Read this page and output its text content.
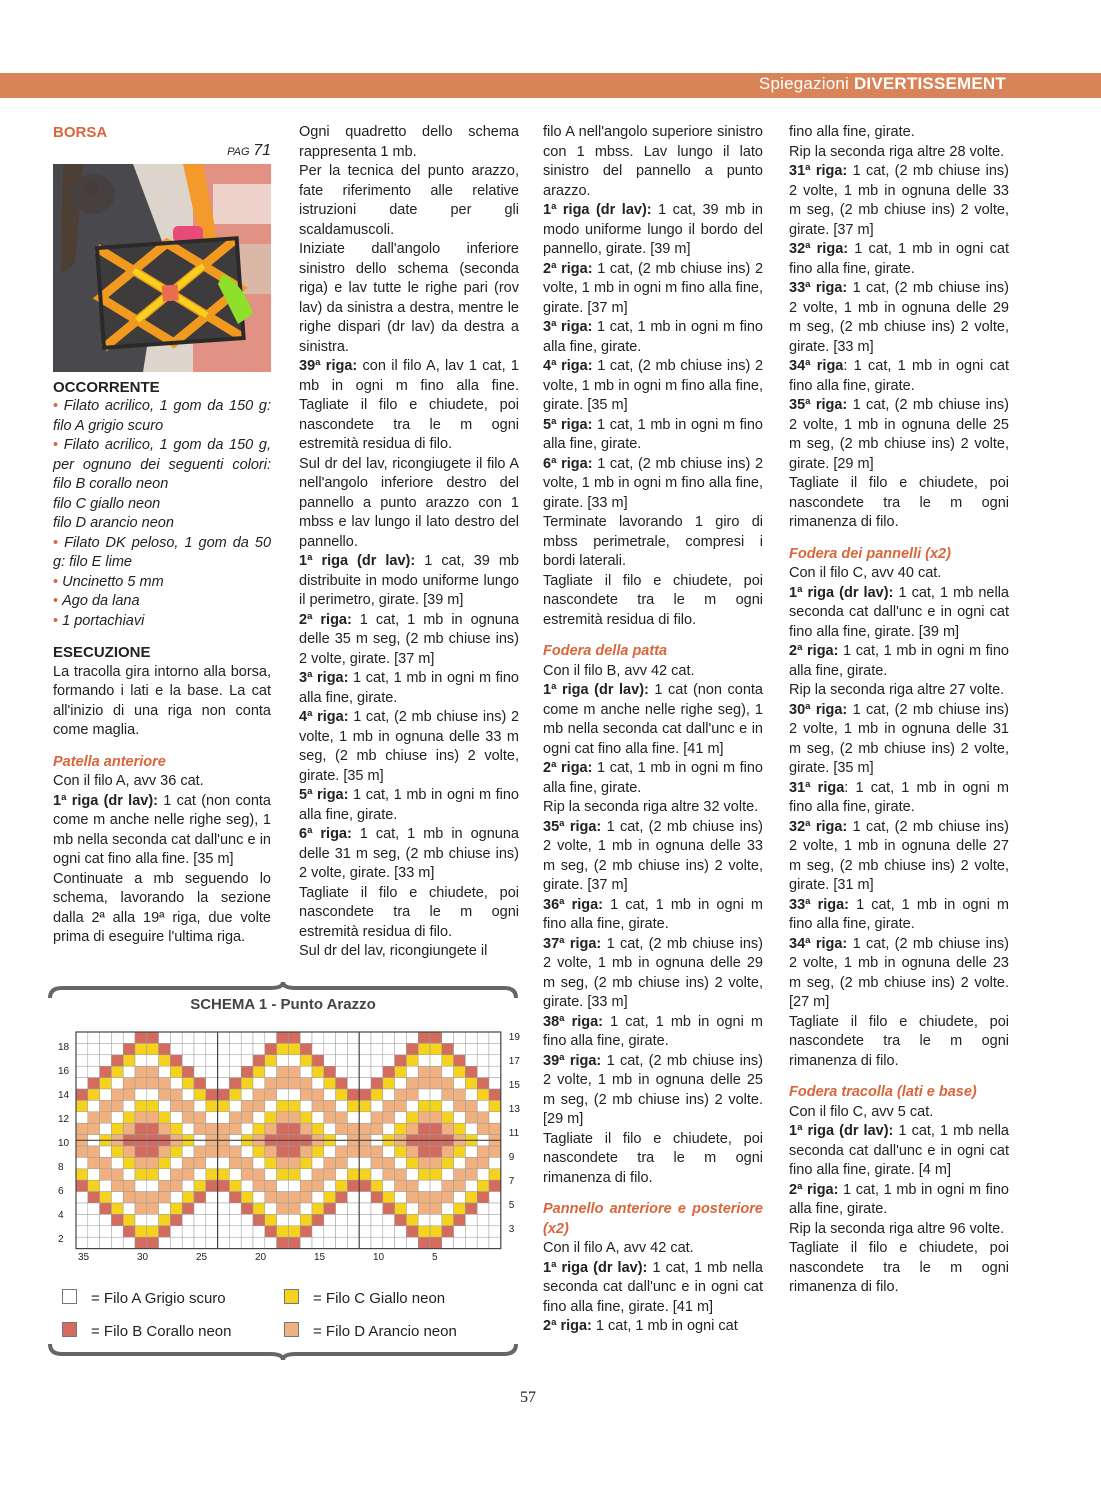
Spiegazioni DIVERTISSEMENT
BORSA
PAG 71

OCCORRENTE

• Filato acrilico, 1 gom da 150 g: filo A grigio scuro

• Filato acrilico, 1 gom da 150 g, per ognuno dei seguenti colori: filo B corallo neon

filo C giallo neon

filo D arancio neon

• Filato DK peloso, 1 gom da 50 g: filo E lime

• Uncinetto 5 mm

• Ago da lana

• 1 portachiavi

ESECUZIONE

La tracolla gira intorno alla borsa, formando i lati e la base. La cat all'inizio di una riga non conta come maglia.

Patella anteriore

Con il filo A, avv 36 cat.

1ª riga (dr lav): 1 cat (non conta come m anche nelle righe seg), 1 mb nella seconda cat dall'unc e in ogni cat fino alla fine. [35 m]

Continuate a mb seguendo lo schema, lavorando la sezione dalla 2ª alla 19ª riga, due volte prima di eseguire l'ultima riga.

Ogni quadretto dello schema rappresenta 1 mb.

Per la tecnica del punto arazzo, fate riferimento alle relative istruzioni date per gli scaldamuscoli.

Iniziate dall'angolo inferiore sinistro dello schema (seconda riga) e lav tutte le righe pari (rov lav) da sinistra a destra, mentre le righe dispari (dr lav) da destra a sinistra.

39ª riga: con il filo A, lav 1 cat, 1 mb in ogni m fino alla fine. Tagliate il filo e chiudete, poi nascondete tra le m ogni estremità residua di filo.

Sul dr del lav, ricongiugete il filo A nell'angolo inferiore destro del pannello a punto arazzo con 1 mbss e lav lungo il lato destro del pannello.

1ª riga (dr lav): 1 cat, 39 mb distribuite in modo uniforme lungo il perimetro, girate. [39 m]

2ª riga: 1 cat, 1 mb in ognuna delle 35 m seg, (2 mb chiuse ins) 2 volte, girate. [37 m]

3ª riga: 1 cat, 1 mb in ogni m fino alla fine, girate.

4ª riga: 1 cat, (2 mb chiuse ins) 2 volte, 1 mb in ognuna delle 33 m seg, (2 mb chiuse ins) 2 volte, girate. [35 m]

5ª riga: 1 cat, 1 mb in ogni m fino alla fine, girate.

6ª riga: 1 cat, 1 mb in ognuna delle 31 m seg, (2 mb chiuse ins) 2 volte, girate. [33 m]

Tagliate il filo e chiudete, poi nascondete tra le m ogni estremità residua di filo.

Sul dr del lav, ricongiungete il

filo A nell'angolo superiore sinistro con 1 mbss. Lav lungo il lato sinistro del pannello a punto arazzo.

1ª riga (dr lav): 1 cat, 39 mb in modo uniforme lungo il bordo del pannello, girate. [39 m]

2ª riga: 1 cat, (2 mb chiuse ins) 2 volte, 1 mb in ogni m fino alla fine, girate. [37 m]

3ª riga: 1 cat, 1 mb in ogni m fino alla fine, girate.

4ª riga: 1 cat, (2 mb chiuse ins) 2 volte, 1 mb in ogni m fino alla fine, girate. [35 m]

5ª riga: 1 cat, 1 mb in ogni m fino alla fine, girate.

6ª riga: 1 cat, (2 mb chiuse ins) 2 volte, 1 mb in ogni m fino alla fine, girate. [33 m]

Terminate lavorando 1 giro di mbss perimetrale, compresi i bordi laterali.

Tagliate il filo e chiudete, poi nascondete tra le m ogni estremità residua di filo.

Fodera della patta

Con il filo B, avv 42 cat.

1ª riga (dr lav): 1 cat (non conta come m anche nelle righe seg), 1 mb nella seconda cat dall'unc e in ogni cat fino alla fine. [41 m]

2ª riga: 1 cat, 1 mb in ogni m fino alla fine, girate.

Rip la seconda riga altre 32 volte.

35ª riga: 1 cat, (2 mb chiuse ins) 2 volte, 1 mb in ognuna delle 33 m seg, (2 mb chiuse ins) 2 volte, girate. [37 m]

36ª riga: 1 cat, 1 mb in ogni m fino alla fine, girate.

37ª riga: 1 cat, (2 mb chiuse ins) 2 volte, 1 mb in ognuna delle 29 m seg, (2 mb chiuse ins) 2 volte, girate. [33 m]

38ª riga: 1 cat, 1 mb in ogni m fino alla fine, girate.

39ª riga: 1 cat, (2 mb chiuse ins) 2 volte, 1 mb in ognuna delle 25 m seg, (2 mb chiuse ins) 2 volte. [29 m]

Tagliate il filo e chiudete, poi nascondete tra le m ogni rimanenza di filo.

Pannello anteriore e posteriore (x2)

Con il filo A, avv 42 cat.

1ª riga (dr lav): 1 cat, 1 mb nella seconda cat dall'unc e in ogni cat fino alla fine, girate. [41 m]

2ª riga: 1 cat, 1 mb in ogni cat

fino alla fine, girate.

Rip la seconda riga altre 28 volte.

31ª riga: 1 cat, (2 mb chiuse ins) 2 volte, 1 mb in ognuna delle 33 m seg, (2 mb chiuse ins) 2 volte, girate. [37 m]

32ª riga: 1 cat, 1 mb in ogni cat fino alla fine, girate.

33ª riga: 1 cat, (2 mb chiuse ins) 2 volte, 1 mb in ognuna delle 29 m seg, (2 mb chiuse ins) 2 volte, girate. [33 m]

34ª riga: 1 cat, 1 mb in ogni cat fino alla fine, girate.

35ª riga: 1 cat, (2 mb chiuse ins) 2 volte, 1 mb in ognuna delle 25 m seg, (2 mb chiuse ins) 2 volte, girate. [29 m]

Tagliate il filo e chiudete, poi nascondete tra le m ogni rimanenza di filo.

Fodera dei pannelli (x2)

Con il filo C, avv 40 cat.

1ª riga (dr lav): 1 cat, 1 mb nella seconda cat dall'unc e in ogni cat fino alla fine, girate. [39 m]

2ª riga: 1 cat, 1 mb in ogni m fino alla fine, girate.

Rip la seconda riga altre 27 volte.

30ª riga: 1 cat, (2 mb chiuse ins) 2 volte, 1 mb in ognuna delle 31 m seg, (2 mb chiuse ins) 2 volte, girate. [35 m]

31ª riga: 1 cat, 1 mb in ogni m fino alla fine, girate.

32ª riga: 1 cat, (2 mb chiuse ins) 2 volte, 1 mb in ognuna delle 27 m seg, (2 mb chiuse ins) 2 volte, girate. [31 m]

33ª riga: 1 cat, 1 mb in ogni m fino alla fine, girate.

34ª riga: 1 cat, (2 mb chiuse ins) 2 volte, 1 mb in ognuna delle 23 m seg, (2 mb chiuse ins) 2 volte. [27 m]

Tagliate il filo e chiudete, poi nascondete tra le m ogni rimanenza di filo.

Fodera tracolla (lati e base)

Con il filo C, avv 5 cat.

1ª riga (dr lav): 1 cat, 1 mb nella seconda cat dall'unc e in ogni cat fino alla fine, girate. [4 m]

2ª riga: 1 cat, 1 mb in ogni m fino alla fine, girate.

Rip la seconda riga altre 96 volte.

Tagliate il filo e chiudete, poi nascondete tra le m ogni rimanenza di filo.

SCHEMA 1 - Punto Arazzo
35	30	25	20	15	10	5
18
16
14
12
10
8
6
4
2
19
17
15
13
11
9
7
5
3
= Filo A Grigio scuro	= Filo C Giallo neon
= Filo B Corallo neon	= Filo D Arancio neon
57
